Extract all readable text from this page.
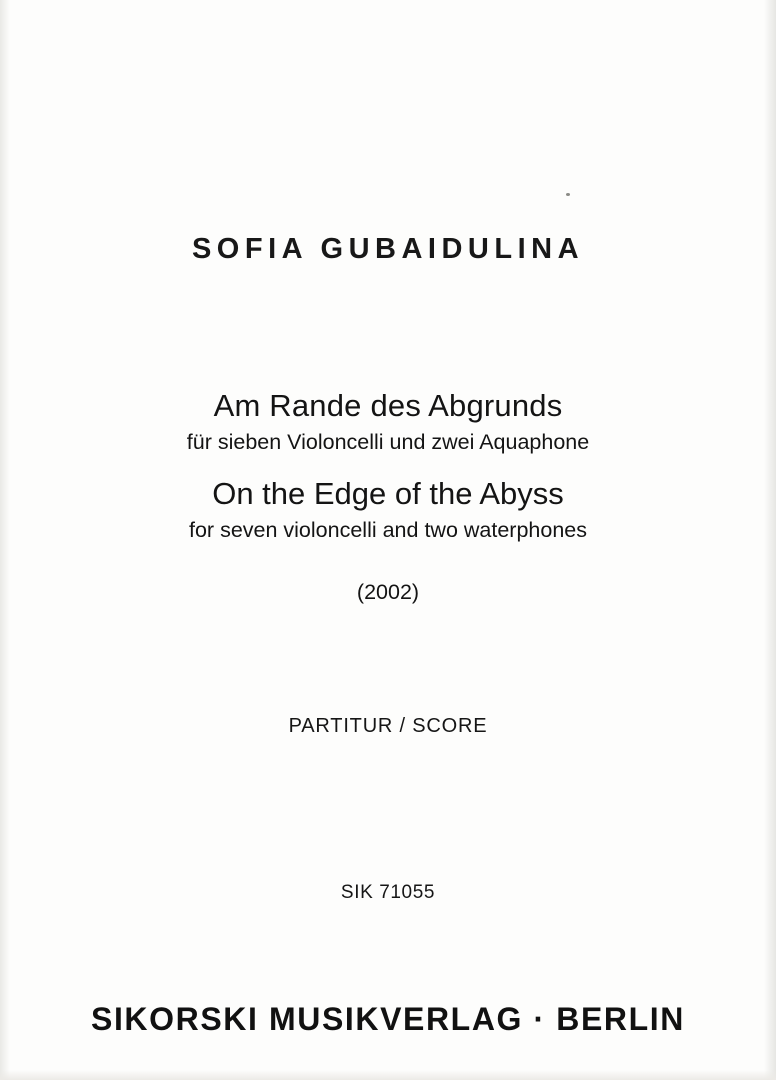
SOFIA GUBAIDULINA
Am Rande des Abgrunds
für sieben Violoncelli und zwei Aquaphone
On the Edge of the Abyss
for seven violoncelli and two waterphones
(2002)
PARTITUR / SCORE
SIK 71055
SIKORSKI MUSIKVERLAG · BERLIN
